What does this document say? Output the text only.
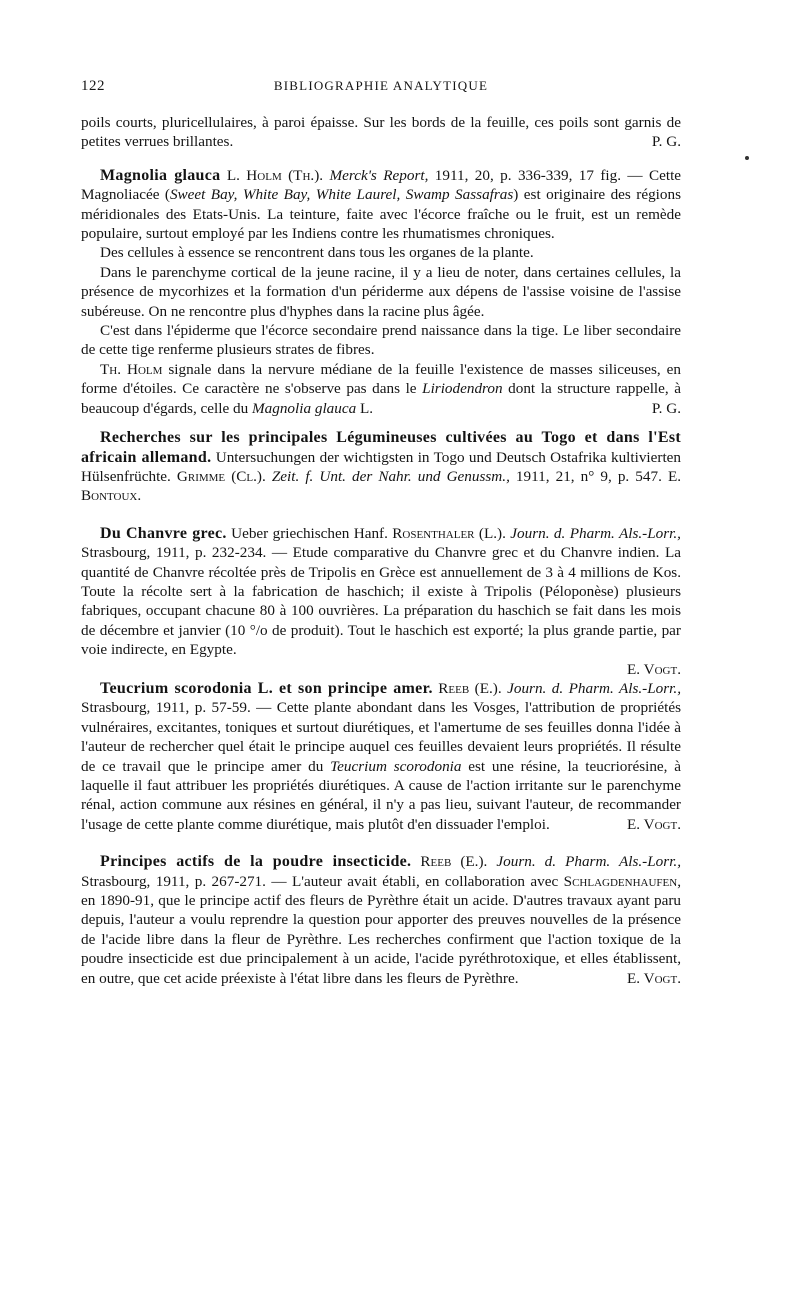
122	BIBLIOGRAPHIE ANALYTIQUE

poils courts, pluricellulaires, à paroi épaisse. Sur les bords de la feuille, ces poils sont garnis de petites verrues brillantes.	P. G.

Magnolia glauca L. Holm (Th.). Merck's Report, 1911, 20, p. 336-339, 17 fig. — Cette Magnoliacée (Sweet Bay, White Bay, White Laurel, Swamp Sassafras) est originaire des régions méridionales des Etats-Unis. La teinture, faite avec l'écorce fraîche ou le fruit, est un remède populaire, surtout employé par les Indiens contre les rhumatismes chroniques.

Des cellules à essence se rencontrent dans tous les organes de la plante.

Dans le parenchyme cortical de la jeune racine, il y a lieu de noter, dans certaines cellules, la présence de mycorhizes et la formation d'un périderme aux dépens de l'assise voisine de l'assise subéreuse. On ne rencontre plus d'hyphes dans la racine plus âgée.

C'est dans l'épiderme que l'écorce secondaire prend naissance dans la tige. Le liber secondaire de cette tige renferme plusieurs strates de fibres.

Th. Holm signale dans la nervure médiane de la feuille l'existence de masses siliceuses, en forme d'étoiles. Ce caractère ne s'observe pas dans le Liriodendron dont la structure rappelle, à beaucoup d'égards, celle du Magnolia glauca L.	P. G.

Recherches sur les principales Légumineuses cultivées au Togo et dans l'Est africain allemand. Untersuchungen der wichtigsten in Togo und Deutsch Ostafrika kultivierten Hülsenfrüchte. Grimme (Cl.). Zeit. f. Unt. der Nahr. und Genussm., 1911, 21, n° 9, p. 547. E. Bontoux.

Du Chanvre grec. Ueber griechischen Hanf. Rosenthaler (L.). Journ. d. Pharm. Als.-Lorr., Strasbourg, 1911, p. 232-234. — Etude comparative du Chanvre grec et du Chanvre indien. La quantité de Chanvre récoltée près de Tripolis en Grèce est annuellement de 3 à 4 millions de Kos. Toute la récolte sert à la fabrication de haschich; il existe à Tripolis (Péloponèse) plusieurs fabriques, occupant chacune 80 à 100 ouvrières. La préparation du haschich se fait dans les mois de décembre et janvier (10 °/o de produit). Tout le haschich est exporté; la plus grande partie, par voie indirecte, en Egypte.

E. Vogt.

Teucrium scorodonia L. et son principe amer. Reeb (E.). Journ. d. Pharm. Als.-Lorr., Strasbourg, 1911, p. 57-59. — Cette plante abondant dans les Vosges, l'attribution de propriétés vulnéraires, excitantes, toniques et surtout diurétiques, et l'amertume de ses feuilles donna l'idée à l'auteur de rechercher quel était le principe auquel ces feuilles devaient leurs propriétés. Il résulte de ce travail que le principe amer du Teucrium scorodonia est une résine, la teucriorésine, à laquelle il faut attribuer les propriétés diurétiques. A cause de l'action irritante sur le parenchyme rénal, action commune aux résines en général, il n'y a pas lieu, suivant l'auteur, de recommander l'usage de cette plante comme diurétique, mais plutôt d'en dissuader l'emploi.	E. Vogt.

Principes actifs de la poudre insecticide. Reeb (E.). Journ. d. Pharm. Als.-Lorr., Strasbourg, 1911, p. 267-271. — L'auteur avait établi, en collaboration avec Schlagdenhaufen, en 1890-91, que le principe actif des fleurs de Pyrèthre était un acide. D'autres travaux ayant paru depuis, l'auteur a voulu reprendre la question pour apporter des preuves nouvelles de la présence de l'acide libre dans la fleur de Pyrèthre. Les recherches confirment que l'action toxique de la poudre insecticide est due principalement à un acide, l'acide pyréthrotoxique, et elles établissent, en outre, que cet acide préexiste à l'état libre dans les fleurs de Pyrèthre.	E. Vogt.
